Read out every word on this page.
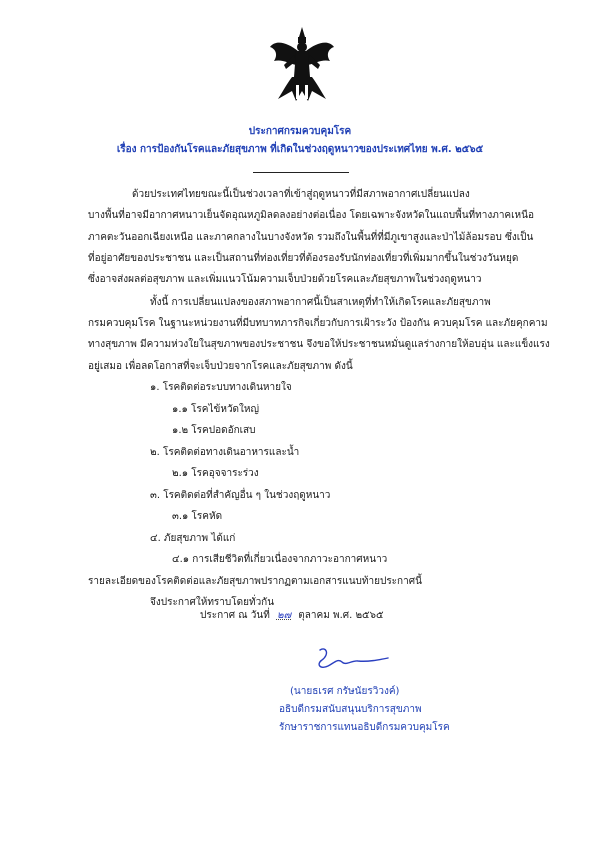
ประกาศกรมควบคุมโรค
เรื่อง การป้องกันโรคและภัยสุขภาพ ที่เกิดในช่วงฤดูหนาวของประเทศไทย พ.ศ. ๒๕๖๕
ด้วยประเทศไทยขณะนี้เป็นช่วงเวลาที่เข้าสู่ฤดูหนาวที่มีสภาพอากาศเปลี่ยนแปลง
บางพื้นที่อาจมีอากาศหนาวเย็นจัดอุณหภูมิลดลงอย่างต่อเนื่อง โดยเฉพาะจังหวัดในแถบพื้นที่ทางภาคเหนือ
ภาคตะวันออกเฉียงเหนือ และภาคกลางในบางจังหวัด รวมถึงในพื้นที่ที่มีภูเขาสูงและป่าไม้ล้อมรอบ ซึ่งเป็น
ที่อยู่อาศัยของประชาชน และเป็นสถานที่ท่องเที่ยวที่ต้องรองรับนักท่องเที่ยวที่เพิ่มมากขึ้นในช่วงวันหยุด
ซึ่งอาจส่งผลต่อสุขภาพ และเพิ่มแนวโน้มความเจ็บป่วยด้วยโรคและภัยสุขภาพในช่วงฤดูหนาว
ทั้งนี้ การเปลี่ยนแปลงของสภาพอากาศนี้เป็นสาเหตุที่ทำให้เกิดโรคและภัยสุขภาพ
กรมควบคุมโรค ในฐานะหน่วยงานที่มีบทบาทภารกิจเกี่ยวกับการเฝ้าระวัง ป้องกัน ควบคุมโรค และภัยคุกคาม
ทางสุขภาพ มีความห่วงใยในสุขภาพของประชาชน จึงขอให้ประชาชนหมั่นดูแลร่างกายให้อบอุ่น และแข็งแรง
อยู่เสมอ เพื่อลดโอกาสที่จะเจ็บป่วยจากโรคและภัยสุขภาพ ดังนี้
๑. โรคติดต่อระบบทางเดินหายใจ
๑.๑ โรคไข้หวัดใหญ่
๑.๒ โรคปอดอักเสบ
๒. โรคติดต่อทางเดินอาหารและน้ำ
๒.๑ โรคอุจจาระร่วง
๓. โรคติดต่อที่สำคัญอื่น ๆ ในช่วงฤดูหนาว
๓.๑ โรคหัด
๔. ภัยสุขภาพ ได้แก่
๔.๑ การเสียชีวิตที่เกี่ยวเนื่องจากภาวะอากาศหนาว
รายละเอียดของโรคติดต่อและภัยสุขภาพปรากฏตามเอกสารแนบท้ายประกาศนี้
จึงประกาศให้ทราบโดยทั่วกัน
ประกาศ ณ วันที่ ๒๗ ตุลาคม พ.ศ. ๒๕๖๕
(นายธเรศ กรัษนัยรวิวงค์)
อธิบดีกรมสนับสนุนบริการสุขภาพ
รักษาราชการแทนอธิบดีกรมควบคุมโรค
